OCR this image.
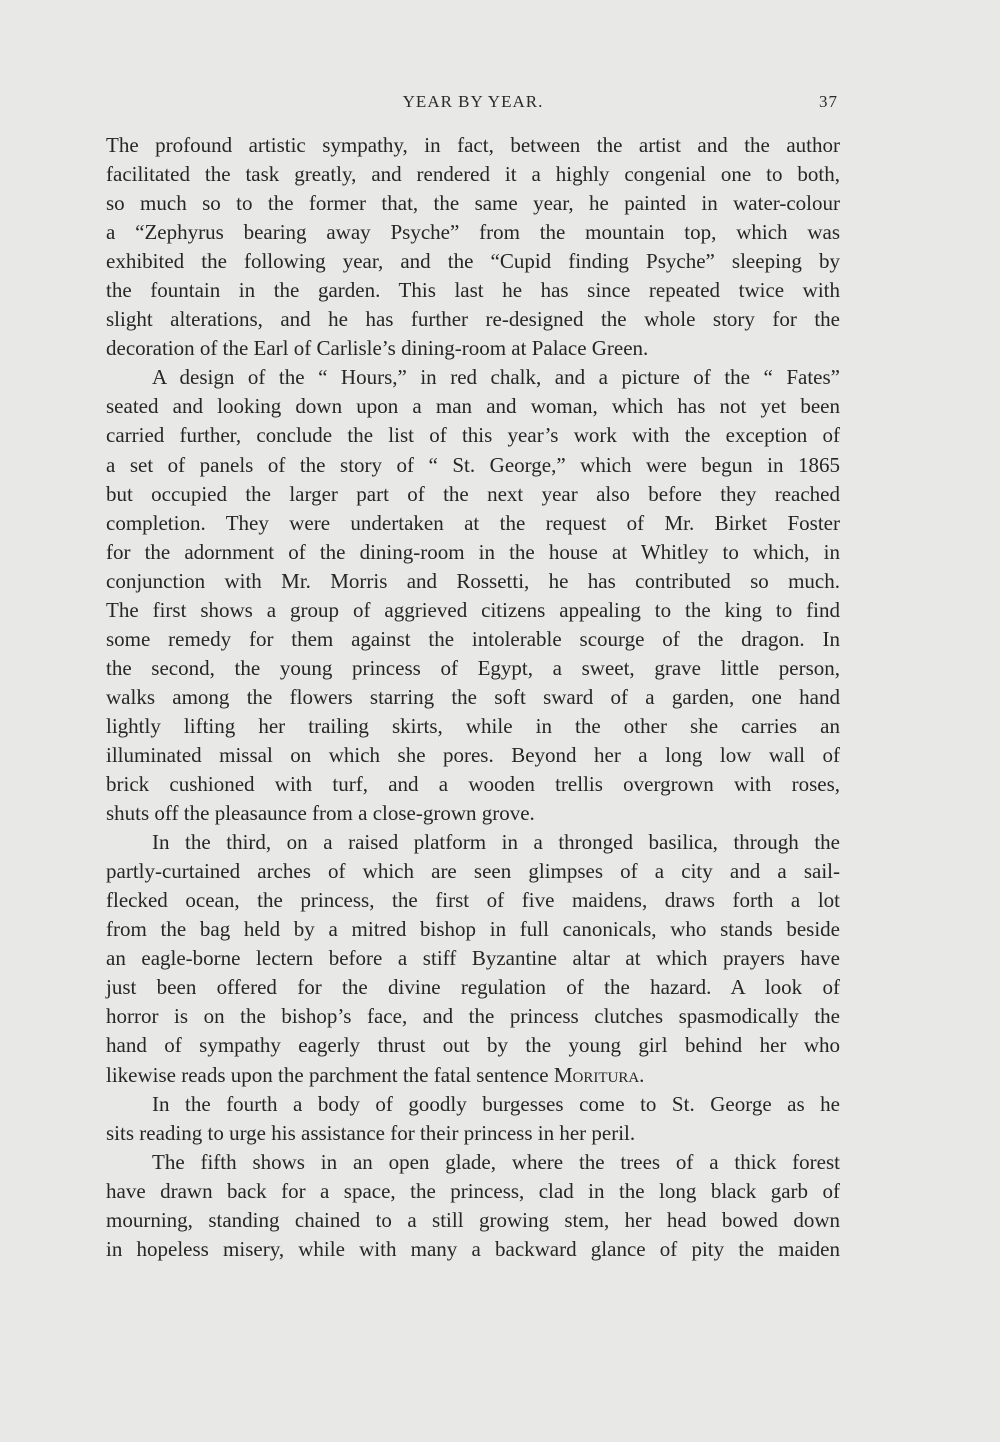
YEAR BY YEAR.	37
The profound artistic sympathy, in fact, between the artist and the author
facilitated the task greatly, and rendered it a highly congenial one to both,
so much so to the former that, the same year, he painted in water-colour
a “Zephyrus bearing away Psyche” from the mountain top, which was
exhibited the following year, and the “Cupid finding Psyche” sleeping by
the fountain in the garden. This last he has since repeated twice with
slight alterations, and he has further re-designed the whole story for the
decoration of the Earl of Carlisle’s dining-room at Palace Green.
A design of the “ Hours,” in red chalk, and a picture of the “ Fates”
seated and looking down upon a man and woman, which has not yet been
carried further, conclude the list of this year’s work with the exception of
a set of panels of the story of “ St. George,” which were begun in 1865
but occupied the larger part of the next year also before they reached
completion. They were undertaken at the request of Mr. Birket Foster
for the adornment of the dining-room in the house at Whitley to which, in
conjunction with Mr. Morris and Rossetti, he has contributed so much.
The first shows a group of aggrieved citizens appealing to the king to find
some remedy for them against the intolerable scourge of the dragon. In
the second, the young princess of Egypt, a sweet, grave little person,
walks among the flowers starring the soft sward of a garden, one hand
lightly lifting her trailing skirts, while in the other she carries an
illuminated missal on which she pores. Beyond her a long low wall of
brick cushioned with turf, and a wooden trellis overgrown with roses,
shuts off the pleasaunce from a close-grown grove.
In the third, on a raised platform in a thronged basilica, through the
partly-curtained arches of which are seen glimpses of a city and a sail-
flecked ocean, the princess, the first of five maidens, draws forth a lot
from the bag held by a mitred bishop in full canonicals, who stands beside
an eagle-borne lectern before a stiff Byzantine altar at which prayers have
just been offered for the divine regulation of the hazard. A look of
horror is on the bishop’s face, and the princess clutches spasmodically the
hand of sympathy eagerly thrust out by the young girl behind her who
likewise reads upon the parchment the fatal sentence Moritura.
In the fourth a body of goodly burgesses come to St. George as he
sits reading to urge his assistance for their princess in her peril.
The fifth shows in an open glade, where the trees of a thick forest
have drawn back for a space, the princess, clad in the long black garb of
mourning, standing chained to a still growing stem, her head bowed down
in hopeless misery, while with many a backward glance of pity the maiden
